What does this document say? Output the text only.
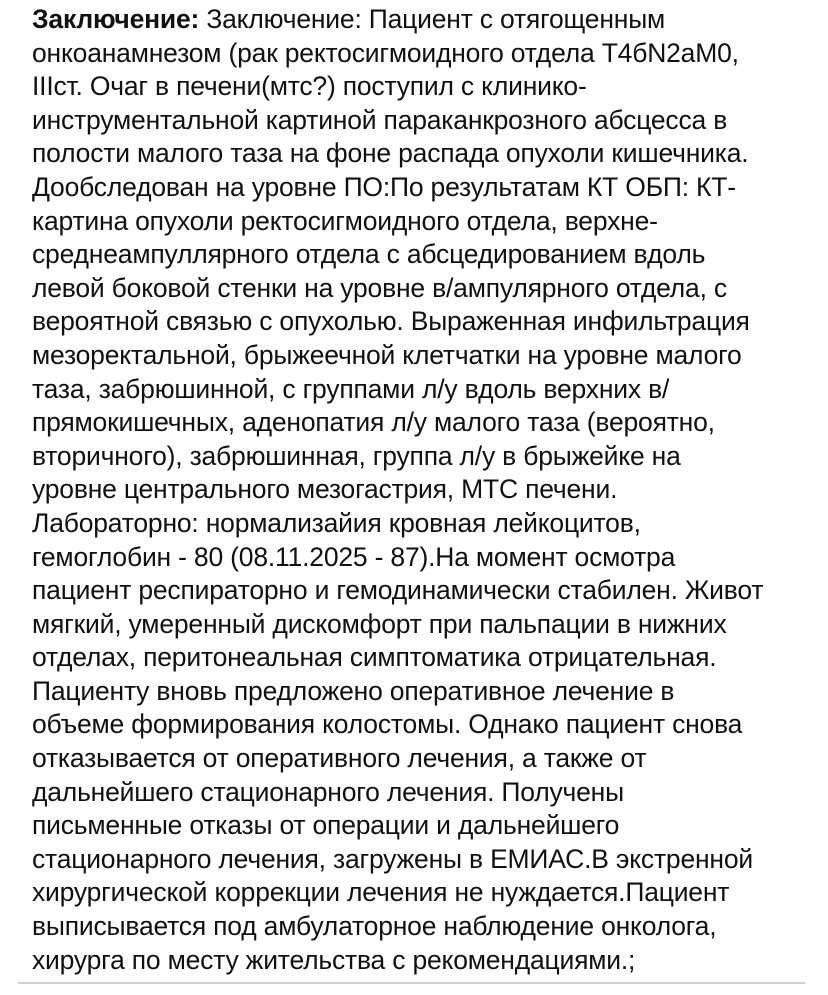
Заключение: Заключение: Пациент с отягощенным
онкоанамнезом (рак ректосигмоидного отдела Т4бN2aM0,
IIIст. Очаг в печени(мтс?) поступил с клинико-
инструментальной картиной параканкрозного абсцесса в
полости малого таза на фоне распада опухоли кишечника.
Дообследован на уровне ПО:По результатам КТ ОБП: КТ-
картина опухоли ректосигмоидного отдела, верхне-
среднеампуллярного отдела с абсцедированием вдоль
левой боковой стенки на уровне в/ампулярного отдела, с
вероятной связью с опухолью. Выраженная инфильтрация
мезоректальной, брыжеечной клетчатки на уровне малого
таза, забрюшинной, с группами л/у вдоль верхних в/
прямокишечных, аденопатия л/у малого таза (вероятно,
вторичного), забрюшинная, группа л/у в брыжейке на
уровне центрального мезогастрия, МТС печени.
Лабораторно: нормализайия кровная лейкоцитов,
гемоглобин - 80 (08.11.2025 - 87).На момент осмотра
пациент респираторно и гемодинамически стабилен. Живот
мягкий, умеренный дискомфорт при пальпации в нижних
отделах, перитонеальная симптоматика отрицательная.
Пациенту вновь предложено оперативное лечение в
объеме формирования колостомы. Однако пациент снова
отказывается от оперативного лечения, а также от
дальнейшего стационарного лечения. Получены
письменные отказы от операции и дальнейшего
стационарного лечения, загружены в ЕМИАС.В экстренной
хирургической коррекции лечения не нуждается.Пациент
выписывается под амбулаторное наблюдение онколога,
хирурга по месту жительства с рекомендациями.;
